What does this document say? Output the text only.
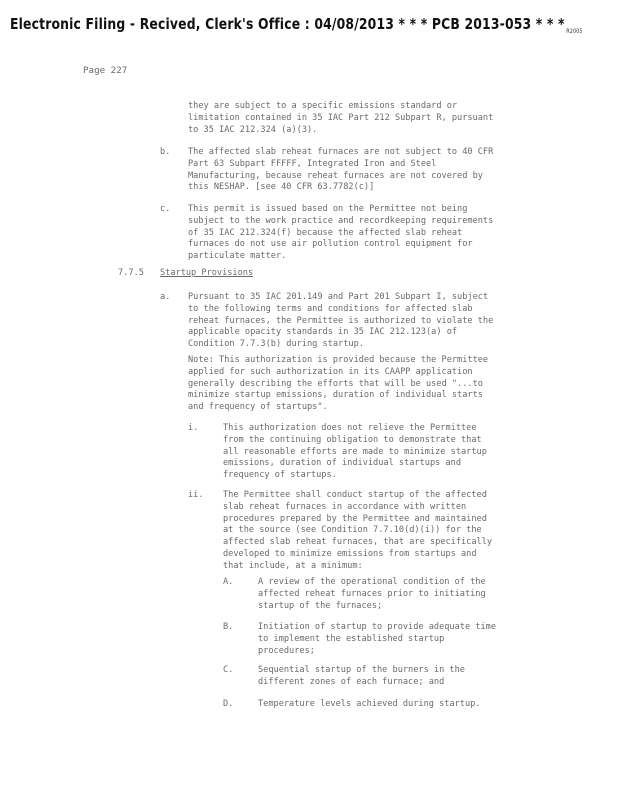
Electronic Filing - Recived, Clerk's Office : 04/08/2013 * * * PCB 2013-053 * * * R2005
Page 227
they are subject to a specific emissions standard or
limitation contained in 35 IAC Part 212 Subpart R, pursuant
to 35 IAC 212.324 (a)(3).
b. The affected slab reheat furnaces are not subject to 40 CFR
Part 63 Subpart FFFFF, Integrated Iron and Steel
Manufacturing, because reheat furnaces are not covered by
this NESHAP. [see 40 CFR 63.7782(c)]
c. This permit is issued based on the Permittee not being
subject to the work practice and recordkeeping requirements
of 35 IAC 212.324(f) because the affected slab reheat
furnaces do not use air pollution control equipment for
particulate matter.
7.7.5 Startup Provisions
a. Pursuant to 35 IAC 201.149 and Part 201 Subpart I, subject
to the following terms and conditions for affected slab
reheat furnaces, the Permittee is authorized to violate the
applicable opacity standards in 35 IAC 212.123(a) of
Condition 7.7.3(b) during startup.
Note: This authorization is provided because the Permittee
applied for such authorization in its CAAPP application
generally describing the efforts that will be used "...to
minimize startup emissions, duration of individual starts
and frequency of startups".
i.	This authorization does not relieve the Permittee
from the continuing obligation to demonstrate that
all reasonable efforts are made to minimize startup
emissions, duration of individual startups and
frequency of startups.
ii. The Permittee shall conduct startup of the affected
slab reheat furnaces in accordance with written
procedures prepared by the Permittee and maintained
at the source (see Condition 7.7.10(d)(i)) for the
affected slab reheat furnaces, that are specifically
developed to minimize emissions from startups and
that include, at a minimum:
A.	A review of the operational condition of the
affected reheat furnaces prior to initiating
startup of the furnaces;
B.	Initiation of startup to provide adequate time
to implement the established startup
procedures;
C.	Sequential startup of the burners in the
different zones of each furnace; and
D.	Temperature levels achieved during startup.
